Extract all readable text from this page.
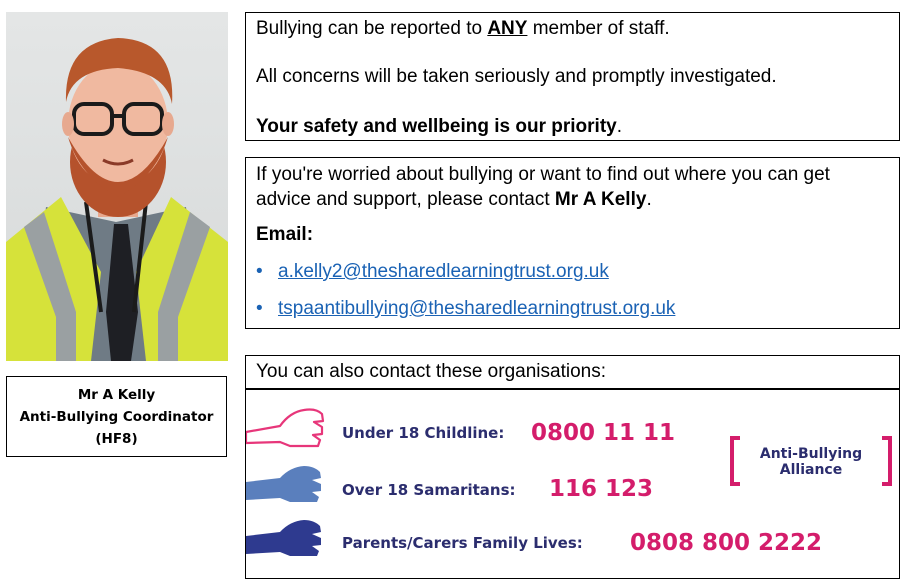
Mr A Kelly
Anti-Bullying Coordinator
(HF8)

Bullying can be reported to ANY member of staff.

All concerns will be taken seriously and promptly investigated.

Your safety and wellbeing is our priority.

If you're worried about bullying or want to find out where you can get
advice and support, please contact Mr A Kelly.
Email:
• a.kelly2@thesharedlearningtrust.org.uk
• tspaantibullying@thesharedlearningtrust.org.uk
You can also contact these organisations:
Under 18 Childline: 0800 11 11
Over 18 Samaritans: 116 123
Parents/Carers Family Lives: 0808 800 2222
Anti-Bullying
Alliance
